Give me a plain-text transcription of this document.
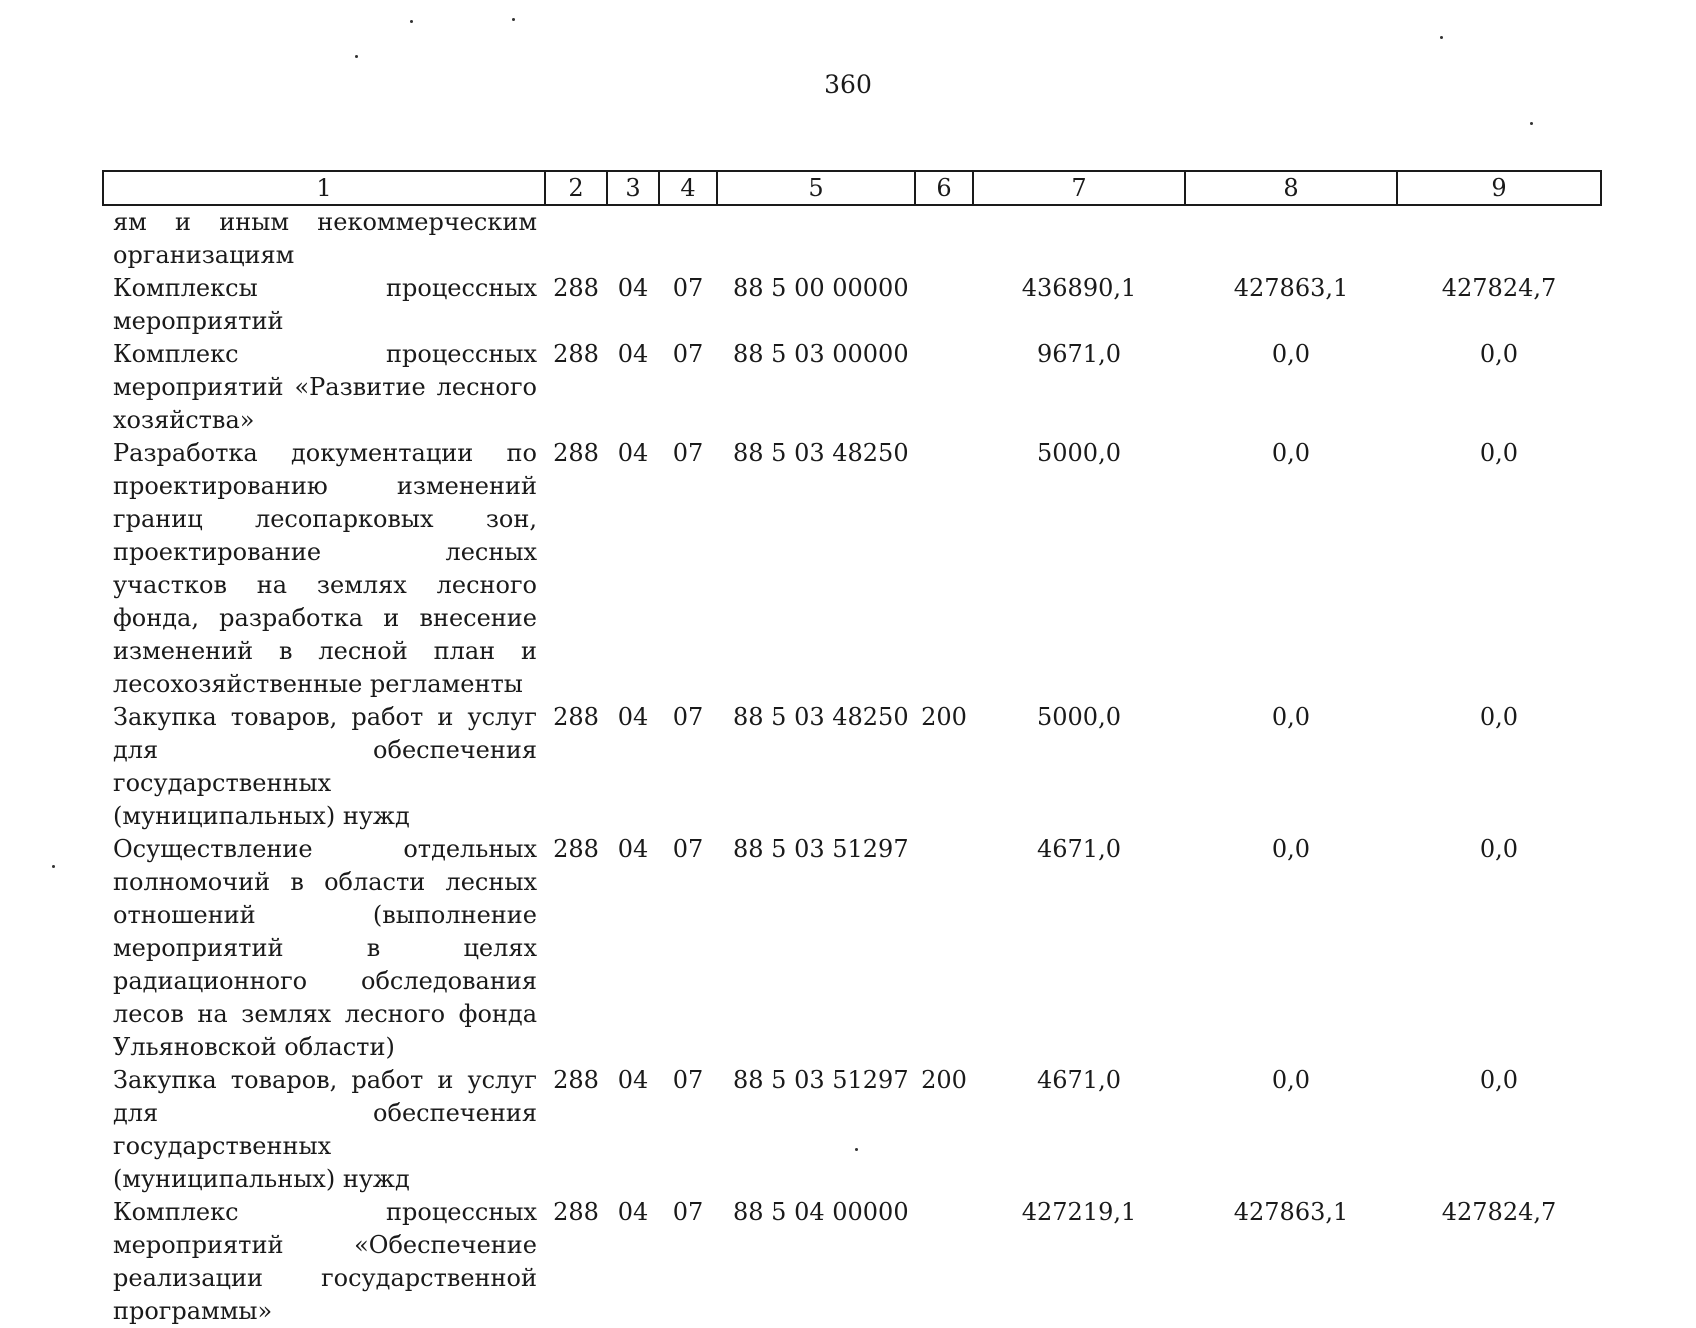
360
1	2	3	4	5	6	7	8	9
ям и иным некоммерческим организациям								
Комплексы процессных мероприятий	288	04	07	88 5 00 00000		436890,1	427863,1	427824,7
Комплекс процессных мероприятий «Развитие лесного хозяйства»	288	04	07	88 5 03 00000		9671,0	0,0	0,0
Разработка документации по проектированию изменений границ лесопарковых зон, проектирование лесных участков на землях лесного фонда, разработка и внесение изменений в лесной план и лесохозяйственные регламенты	288	04	07	88 5 03 48250		5000,0	0,0	0,0
Закупка товаров, работ и услуг для обеспечения государственных (муниципальных) нужд	288	04	07	88 5 03 48250	200	5000,0	0,0	0,0
Осуществление отдельных полномочий в области лесных отношений (выполнение мероприятий в целях радиационного обследования лесов на землях лесного фонда Ульяновской области)	288	04	07	88 5 03 51297		4671,0	0,0	0,0
Закупка товаров, работ и услуг для обеспечения государственных (муниципальных) нужд	288	04	07	88 5 03 51297	200	4671,0	0,0	0,0
Комплекс процессных мероприятий «Обеспечение реализации государственной программы»	288	04	07	88 5 04 00000		427219,1	427863,1	427824,7
